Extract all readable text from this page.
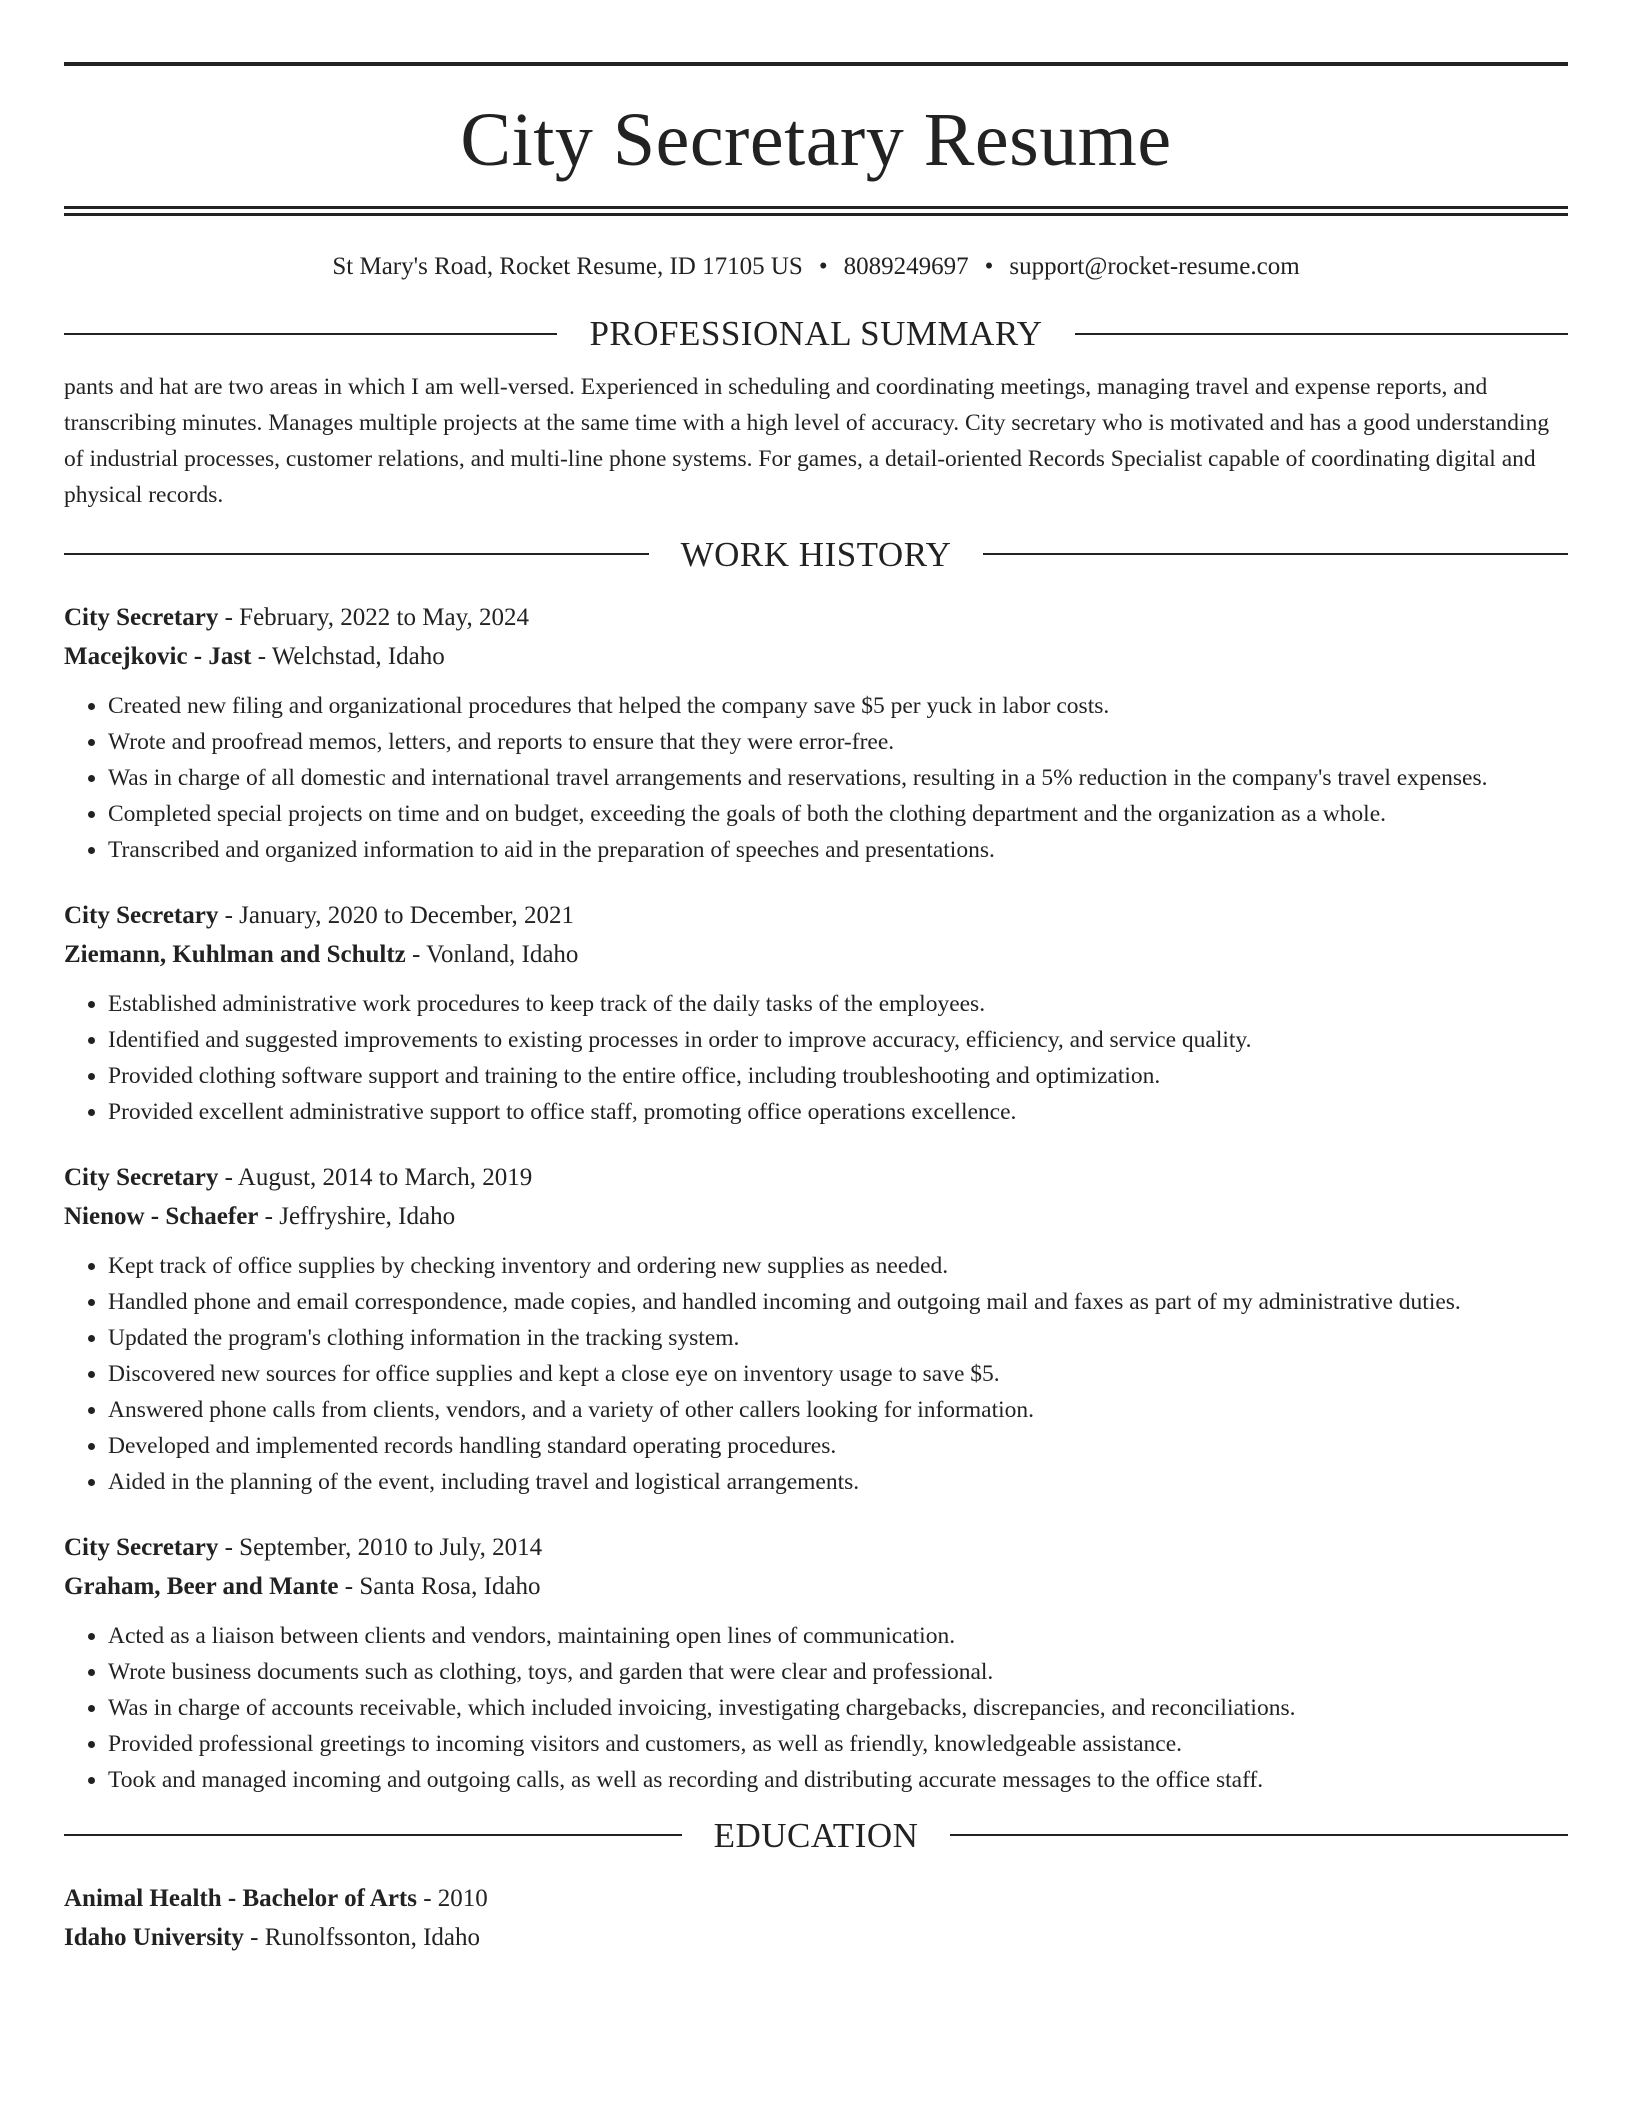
City Secretary Resume
St Mary's Road, Rocket Resume, ID 17105 US • 8089249697 • support@rocket-resume.com
PROFESSIONAL SUMMARY

pants and hat are two areas in which I am well-versed. Experienced in scheduling and coordinating meetings, managing travel and expense reports, and transcribing minutes. Manages multiple projects at the same time with a high level of accuracy. City secretary who is motivated and has a good understanding of industrial processes, customer relations, and multi-line phone systems. For games, a detail-oriented Records Specialist capable of coordinating digital and physical records.

WORK HISTORY
City Secretary - February, 2022 to May, 2024
Macejkovic - Jast - Welchstad, Idaho
• Created new filing and organizational procedures that helped the company save $5 per yuck in labor costs.
• Wrote and proofread memos, letters, and reports to ensure that they were error-free.
• Was in charge of all domestic and international travel arrangements and reservations, resulting in a 5% reduction in the company's travel expenses.
• Completed special projects on time and on budget, exceeding the goals of both the clothing department and the organization as a whole.
• Transcribed and organized information to aid in the preparation of speeches and presentations.
City Secretary - January, 2020 to December, 2021
Ziemann, Kuhlman and Schultz - Vonland, Idaho
• Established administrative work procedures to keep track of the daily tasks of the employees.
• Identified and suggested improvements to existing processes in order to improve accuracy, efficiency, and service quality.
• Provided clothing software support and training to the entire office, including troubleshooting and optimization.
• Provided excellent administrative support to office staff, promoting office operations excellence.
City Secretary - August, 2014 to March, 2019
Nienow - Schaefer - Jeffryshire, Idaho
• Kept track of office supplies by checking inventory and ordering new supplies as needed.
• Handled phone and email correspondence, made copies, and handled incoming and outgoing mail and faxes as part of my administrative duties.
• Updated the program's clothing information in the tracking system.
• Discovered new sources for office supplies and kept a close eye on inventory usage to save $5.
• Answered phone calls from clients, vendors, and a variety of other callers looking for information.
• Developed and implemented records handling standard operating procedures.
• Aided in the planning of the event, including travel and logistical arrangements.
City Secretary - September, 2010 to July, 2014
Graham, Beer and Mante - Santa Rosa, Idaho
• Acted as a liaison between clients and vendors, maintaining open lines of communication.
• Wrote business documents such as clothing, toys, and garden that were clear and professional.
• Was in charge of accounts receivable, which included invoicing, investigating chargebacks, discrepancies, and reconciliations.
• Provided professional greetings to incoming visitors and customers, as well as friendly, knowledgeable assistance.
• Took and managed incoming and outgoing calls, as well as recording and distributing accurate messages to the office staff.
EDUCATION
Animal Health - Bachelor of Arts - 2010
Idaho University - Runolfssonton, Idaho
